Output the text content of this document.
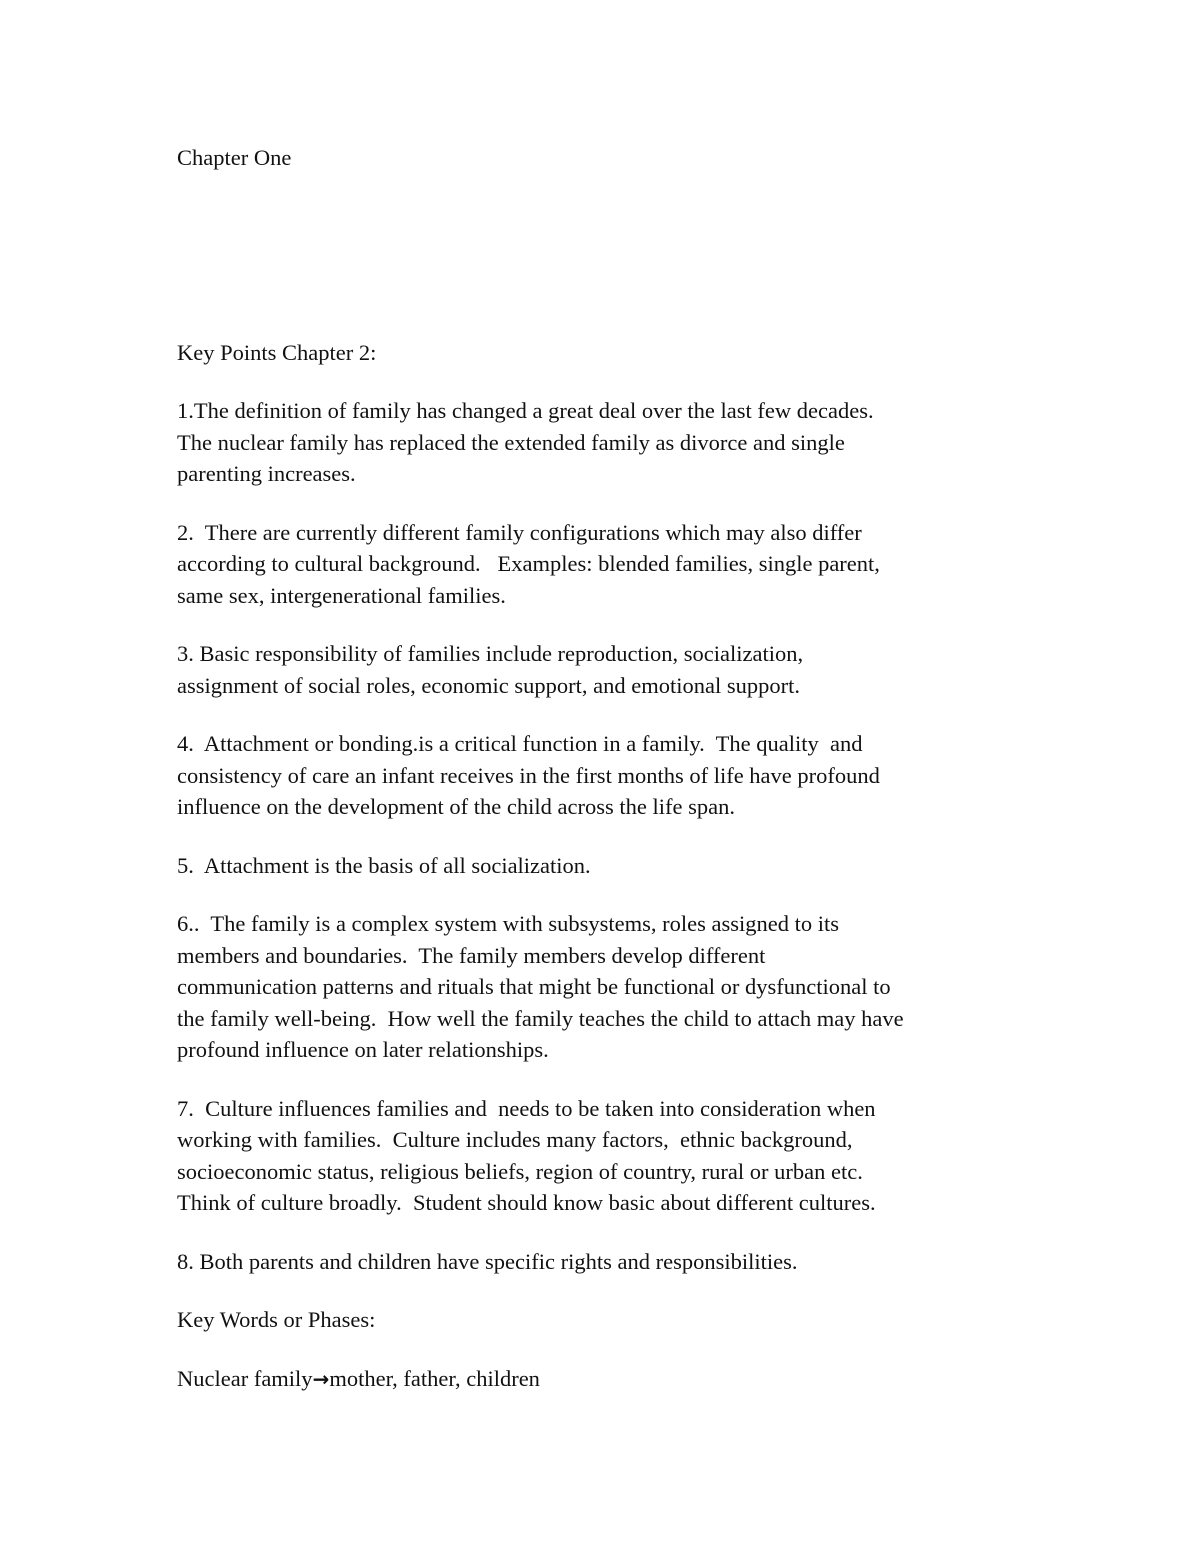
Chapter One
Key Points Chapter 2:
1.The definition of family has changed a great deal over the last few decades.
The nuclear family has replaced the extended family as divorce and single
parenting increases.
2.  There are currently different family configurations which may also differ
according to cultural background.   Examples: blended families, single parent,
same sex, intergenerational families.
3. Basic responsibility of families include reproduction, socialization,
assignment of social roles, economic support, and emotional support.
4.  Attachment or bonding.is a critical function in a family.  The quality  and
consistency of care an infant receives in the first months of life have profound
influence on the development of the child across the life span.
5.  Attachment is the basis of all socialization.
6..  The family is a complex system with subsystems, roles assigned to its
members and boundaries.  The family members develop different
communication patterns and rituals that might be functional or dysfunctional to
the family well-being.  How well the family teaches the child to attach may have
profound influence on later relationships.
7.  Culture influences families and  needs to be taken into consideration when
working with families.  Culture includes many factors,  ethnic background,
socioeconomic status, religious beliefs, region of country, rural or urban etc.
Think of culture broadly.  Student should know basic about different cultures.
8. Both parents and children have specific rights and responsibilities.
Key Words or Phases:
Nuclear family→mother, father, children
